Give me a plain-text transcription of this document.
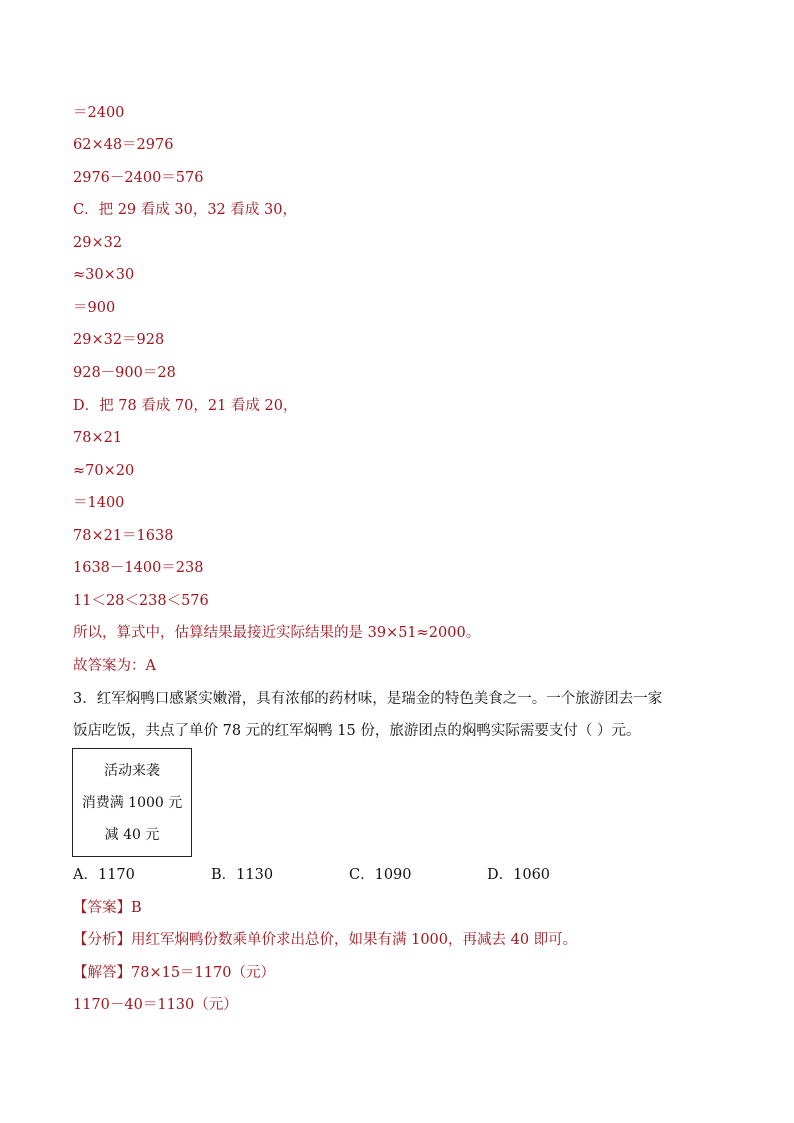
＝2400

62×48＝2976

2976－2400＝576

C．把 29 看成 30，32 看成 30，

29×32

≈30×30

＝900

29×32＝928

928－900＝28

D．把 78 看成 70，21 看成 20，

78×21

≈70×20

＝1400

78×21＝1638

1638－1400＝238

11＜28＜238＜576

所以，算式中，估算结果最接近实际结果的是 39×51≈2000。

故答案为：A

3．红军焖鸭口感紧实嫩滑，具有浓郁的药材味，是瑞金的特色美食之一。一个旅游团去一家

饭店吃饭，共点了单价 78 元的红军焖鸭 15 份，旅游团点的焖鸭实际需要支付（ ）元。

活动来袭
消费满 1000 元
减 40 元
A．1170	B．1130	C．1090	D．1060

【答案】B

【分析】用红军焖鸭份数乘单价求出总价，如果有满 1000，再减去 40 即可。

【解答】78×15＝1170（元）

1170－40＝1130（元）
